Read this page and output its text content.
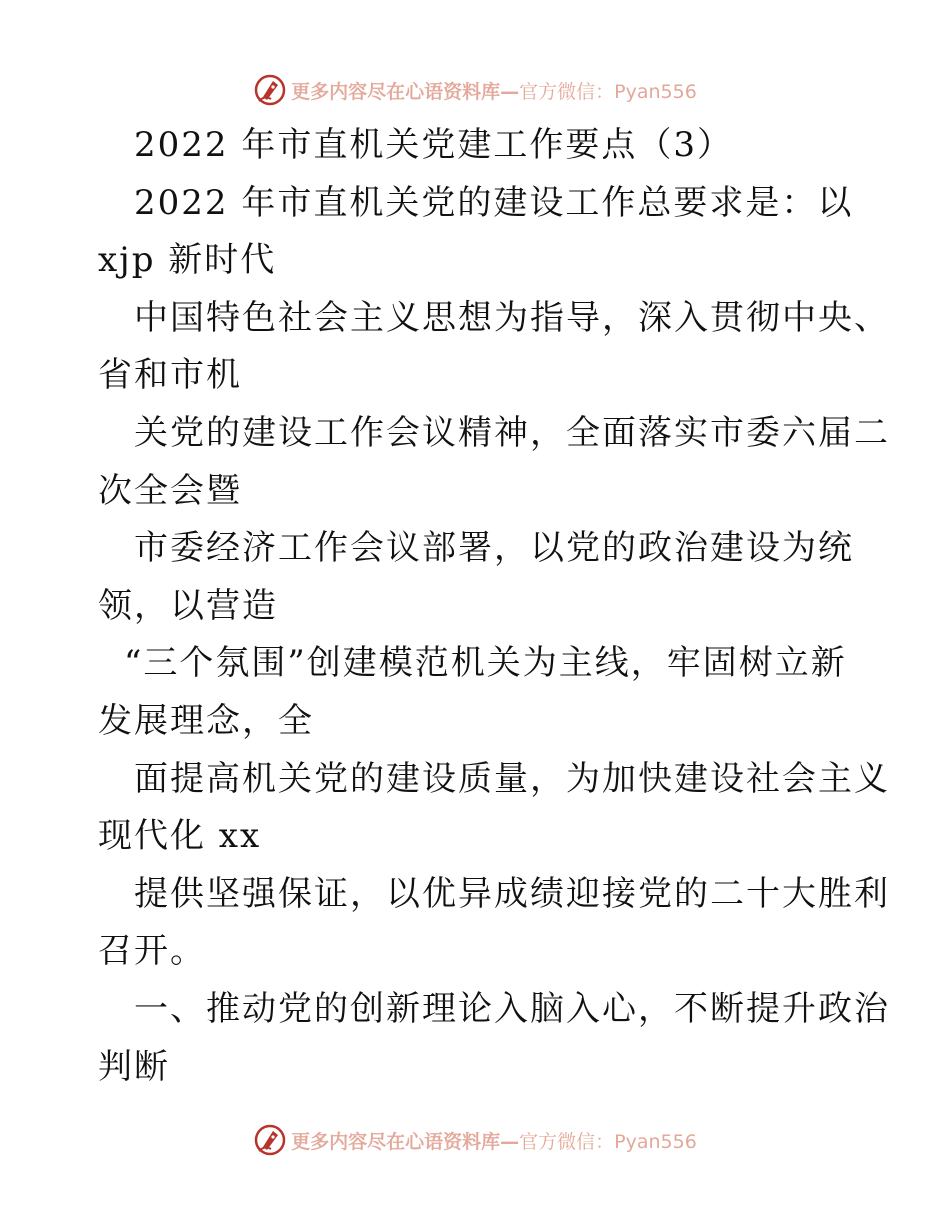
更多内容尽在心语资料库— 官方微信：Pyan556
2022 年市直机关党建工作要点（3）
2022 年市直机关党的建设工作总要求是：以
xjp 新时代
中国特色社会主义思想为指导，深入贯彻中央、
省和市机
关党的建设工作会议精神，全面落实市委六届二
次全会暨
市委经济工作会议部署，以党的政治建设为统
领，以营造
“三个氛围”创建模范机关为主线，牢固树立新
发展理念，全
面提高机关党的建设质量，为加快建设社会主义
现代化 xx
提供坚强保证，以优异成绩迎接党的二十大胜利
召开。
一、推动党的创新理论入脑入心，不断提升政治
判断
更多内容尽在心语资料库— 官方微信：Pyan556
